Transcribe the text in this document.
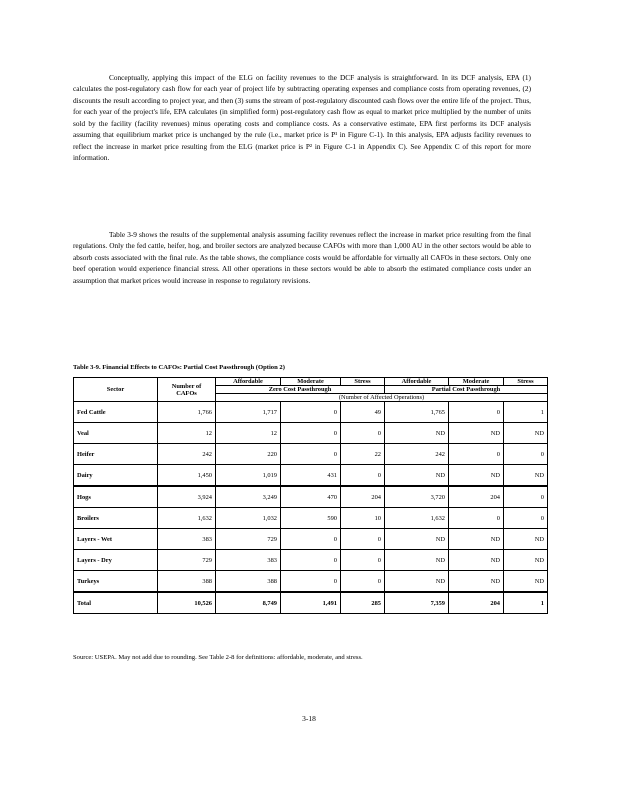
Conceptually, applying this impact of the ELG on facility revenues to the DCF analysis is straightforward. In its DCF analysis, EPA (1) calculates the post-regulatory cash flow for each year of project life by subtracting operating expenses and compliance costs from operating revenues, (2) discounts the result according to project year, and then (3) sums the stream of post-regulatory discounted cash flows over the entire life of the project. Thus, for each year of the project's life, EPA calculates (in simplified form) post-regulatory cash flow as equal to market price multiplied by the number of units sold by the facility (facility revenues) minus operating costs and compliance costs. As a conservative estimate, EPA first performs its DCF analysis assuming that equilibrium market price is unchanged by the rule (i.e., market price is P¹ in Figure C-1). In this analysis, EPA adjusts facility revenues to reflect the increase in market price resulting from the ELG (market price is P² in Figure C-1 in Appendix C). See Appendix C of this report for more information.

Table 3-9 shows the results of the supplemental analysis assuming facility revenues reflect the increase in market price resulting from the final regulations. Only the fed cattle, heifer, hog, and broiler sectors are analyzed because CAFOs with more than 1,000 AU in the other sectors would be able to absorb costs associated with the final rule. As the table shows, the compliance costs would be affordable for virtually all CAFOs in these sectors. Only one beef operation would experience financial stress. All other operations in these sectors would be able to absorb the estimated compliance costs under an assumption that market prices would increase in response to regulatory revisions.

Table 3-9. Financial Effects to CAFOs: Partial Cost Passthrough (Option 2)
Sector	Number of CAFOs	Affordable	Moderate	Stress	Affordable	Moderate	Stress
		Zero Cost Passthrough			Partial Cost Passthrough		
		(Number of Affected Operations)					
Fed Cattle	1,766	1,717	0	49	1,765	0	1
Veal	12	12	0	0	ND	ND	ND
Heifer	242	220	0	22	242	0	0
Dairy	1,450	1,019	431	0	ND	ND	ND
Hogs	3,924	3,249	470	204	3,720	204	0
Broilers	1,632	1,032	590	10	1,632	0	0
Layers - Wet	383	729	0	0	ND	ND	ND
Layers - Dry	729	383	0	0	ND	ND	ND
Turkeys	388	388	0	0	ND	ND	ND
Total	10,526	8,749	1,491	285	7,359	204	1
Source: USEPA. May not add due to rounding. See Table 2-8 for definitions: affordable, moderate, and stress.
3-18
